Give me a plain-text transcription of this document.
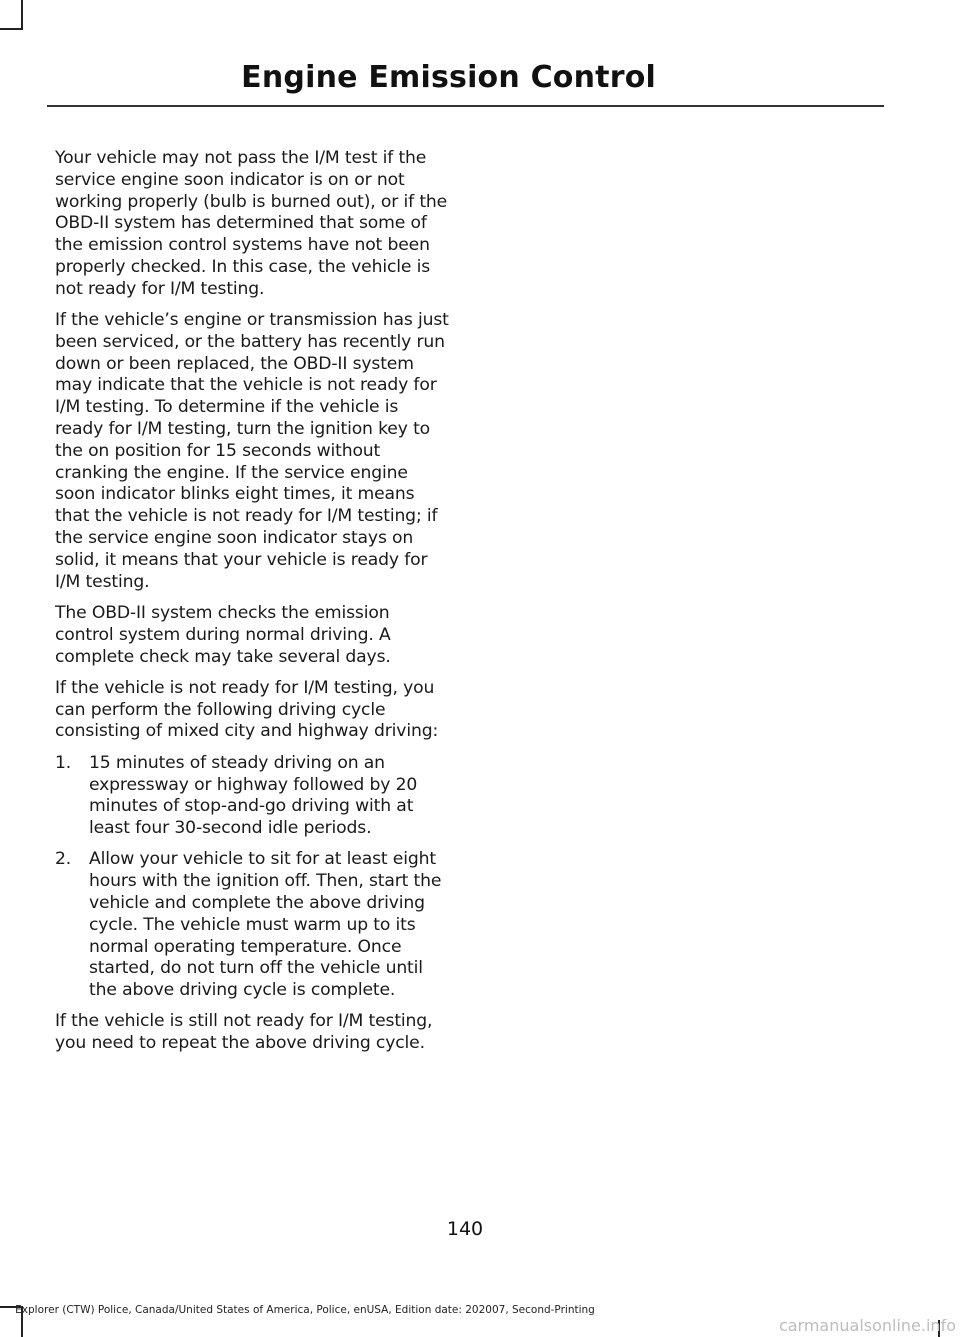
Engine Emission Control

Your vehicle may not pass the I/M test if the service engine soon indicator is on or not working properly (bulb is burned out), or if the OBD-II system has determined that some of the emission control systems have not been properly checked. In this case, the vehicle is not ready for I/M testing.

If the vehicle’s engine or transmission has just been serviced, or the battery has recently run down or been replaced, the OBD-II system may indicate that the vehicle is not ready for I/M testing. To determine if the vehicle is ready for I/M testing, turn the ignition key to the on position for 15 seconds without cranking the engine. If the service engine soon indicator blinks eight times, it means that the vehicle is not ready for I/M testing; if the service engine soon indicator stays on solid, it means that your vehicle is ready for I/M testing.

The OBD-II system checks the emission control system during normal driving. A complete check may take several days.

If the vehicle is not ready for I/M testing, you can perform the following driving cycle consisting of mixed city and highway driving:

1. 15 minutes of steady driving on an expressway or highway followed by 20 minutes of stop-and-go driving with at least four 30-second idle periods.
2. Allow your vehicle to sit for at least eight hours with the ignition off. Then, start the vehicle and complete the above driving cycle. The vehicle must warm up to its normal operating temperature. Once started, do not turn off the vehicle until the above driving cycle is complete.

If the vehicle is still not ready for I/M testing, you need to repeat the above driving cycle.

140
Explorer (CTW) Police, Canada/United States of America, Police, enUSA, Edition date: 202007, Second-Printing
carmanualsonline.info
